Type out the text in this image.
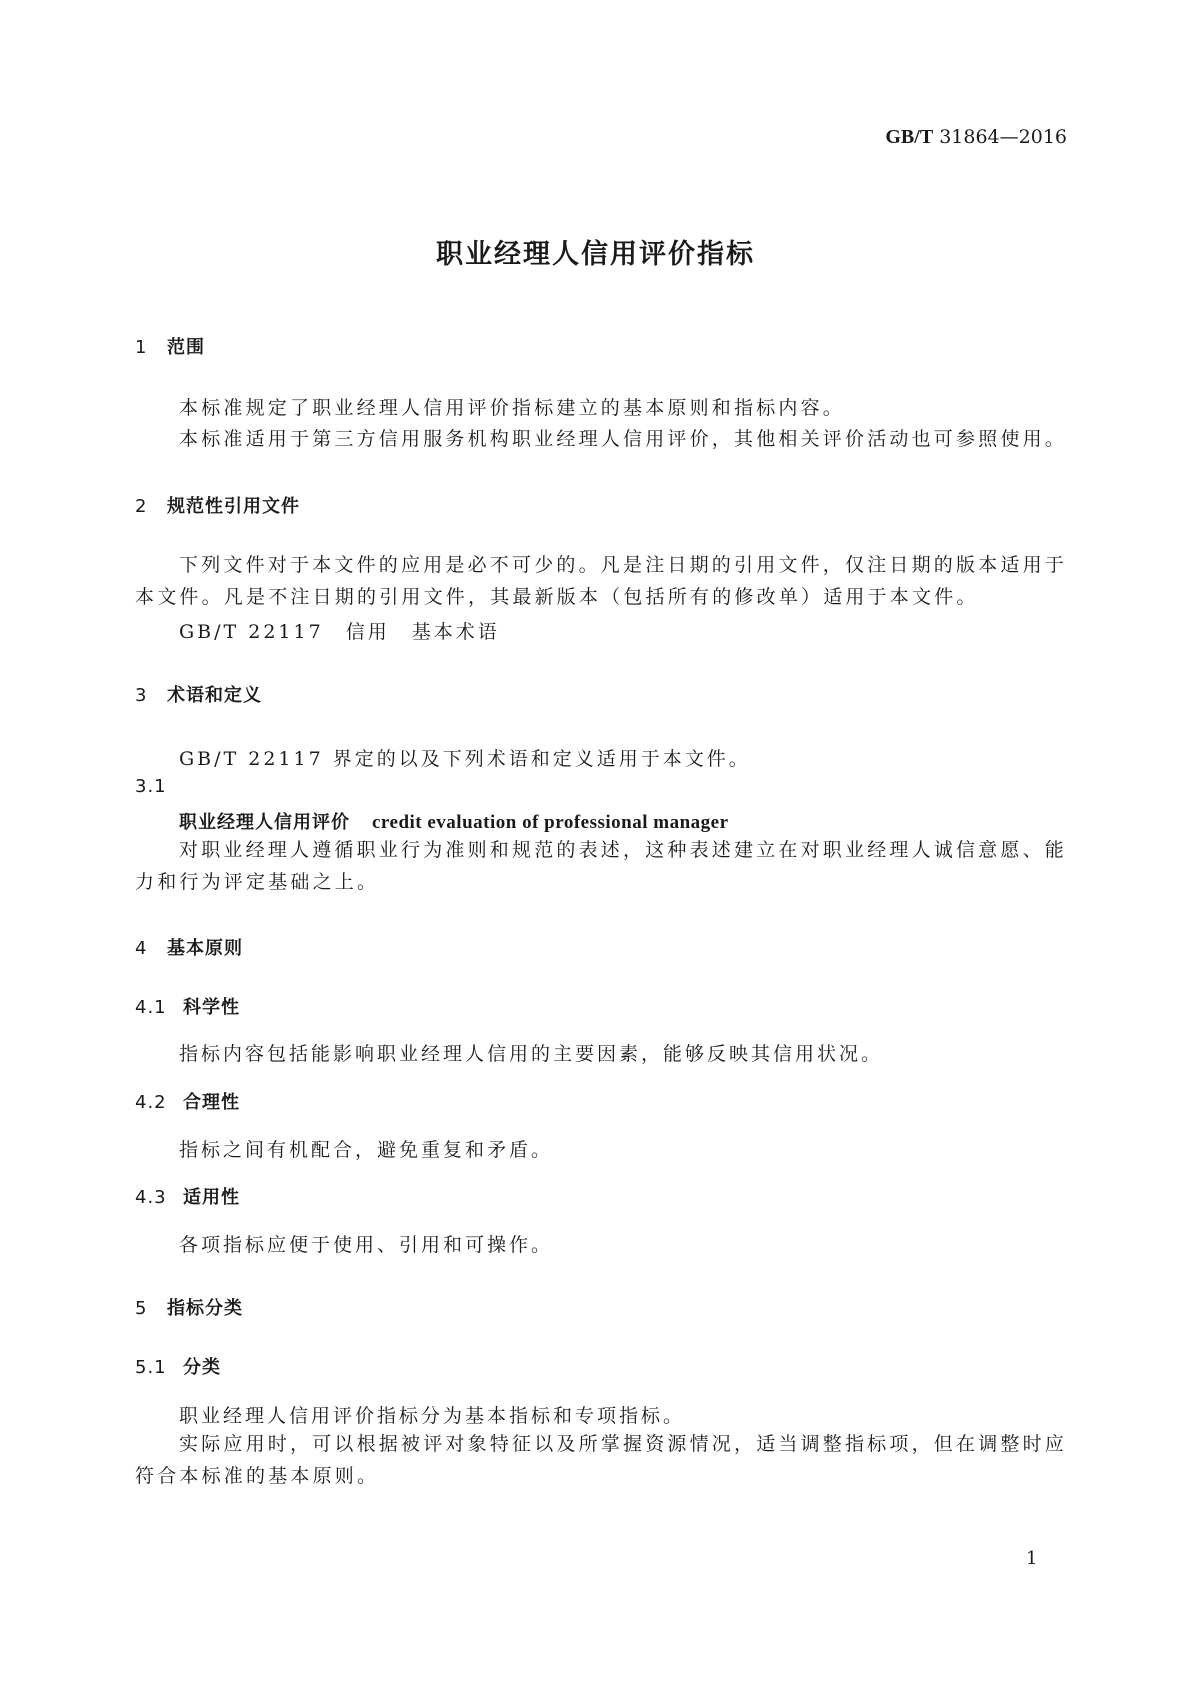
GB/T 31864—2016
职业经理人信用评价指标
1 范围
本标准规定了职业经理人信用评价指标建立的基本原则和指标内容。
本标准适用于第三方信用服务机构职业经理人信用评价，其他相关评价活动也可参照使用。
2 规范性引用文件
下列文件对于本文件的应用是必不可少的。凡是注日期的引用文件，仅注日期的版本适用于本文件。凡是不注日期的引用文件，其最新版本（包括所有的修改单）适用于本文件。
GB/T 22117　信用　基本术语
3 术语和定义
GB/T 22117 界定的以及下列术语和定义适用于本文件。
3.1
职业经理人信用评价 credit evaluation of professional manager
对职业经理人遵循职业行为准则和规范的表述，这种表述建立在对职业经理人诚信意愿、能力和行为评定基础之上。
4 基本原则
4.1 科学性
指标内容包括能影响职业经理人信用的主要因素，能够反映其信用状况。
4.2 合理性
指标之间有机配合，避免重复和矛盾。
4.3 适用性
各项指标应便于使用、引用和可操作。
5 指标分类
5.1 分类
职业经理人信用评价指标分为基本指标和专项指标。
实际应用时，可以根据被评对象特征以及所掌握资源情况，适当调整指标项，但在调整时应符合本标准的基本原则。
1
